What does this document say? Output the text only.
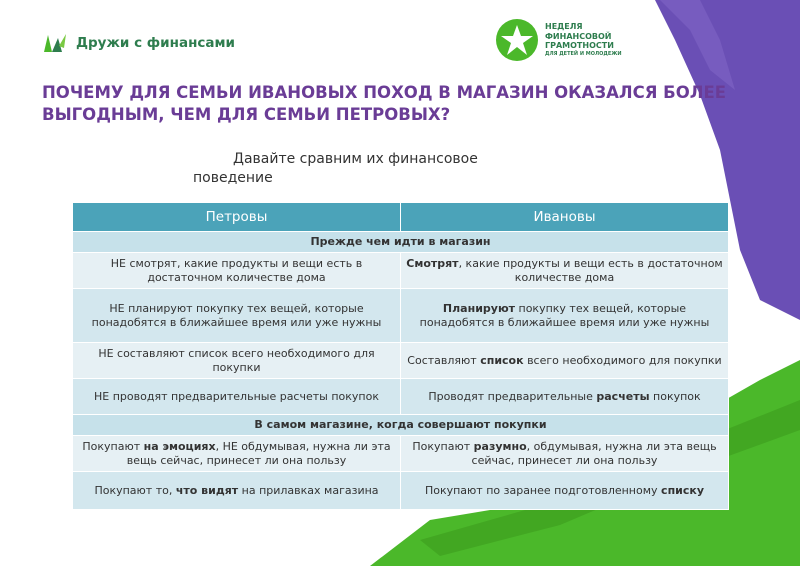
Дружи с финансами
НЕДЕЛЯ
ФИНАНСОВОЙ
ГРАМОТНОСТИ
ДЛЯ ДЕТЕЙ И МОЛОДЕЖИ
ПОЧЕМУ ДЛЯ СЕМЬИ ИВАНОВЫХ ПОХОД В МАГАЗИН ОКАЗАЛСЯ БОЛЕЕ ВЫГОДНЫМ, ЧЕМ ДЛЯ СЕМЬИ ПЕТРОВЫХ?
Давайте сравним их финансовое
поведение
Петровы	Ивановы
Прежде чем идти в магазин	
НЕ смотрят, какие продукты и вещи есть в достаточном количестве дома	Смотрят, какие продукты и вещи есть в достаточном количестве дома
НЕ планируют покупку тех вещей, которые понадобятся в ближайшее время или уже нужны	Планируют покупку тех вещей, которые понадобятся в ближайшее время или уже нужны
НЕ составляют список всего необходимого для покупки	Составляют список всего необходимого для покупки
НЕ проводят предварительные расчеты покупок	Проводят предварительные расчеты покупок
В самом магазине, когда совершают покупки	
Покупают на эмоциях, НЕ обдумывая, нужна ли эта вещь сейчас, принесет ли она пользу	Покупают разумно, обдумывая, нужна ли эта вещь сейчас, принесет ли она пользу
Покупают то, что видят на прилавках магазина	Покупают по заранее подготовленному списку
